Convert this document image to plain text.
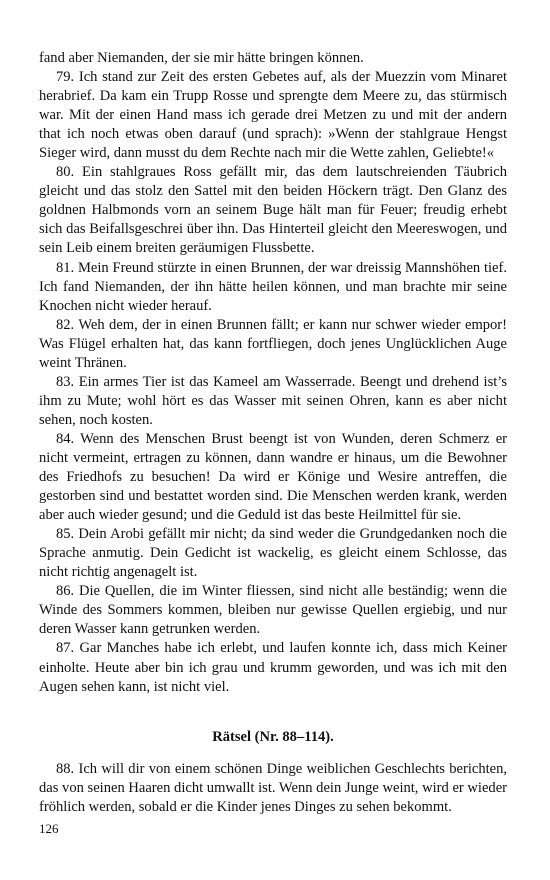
fand aber Niemanden, der sie mir hätte bringen können.

79. Ich stand zur Zeit des ersten Gebetes auf, als der Muezzin vom Minaret herabrief. Da kam ein Trupp Rosse und sprengte dem Meere zu, das stürmisch war. Mit der einen Hand mass ich gerade drei Metzen zu und mit der andern that ich noch etwas oben darauf (und sprach): »Wenn der stahlgraue Hengst Sieger wird, dann musst du dem Rechte nach mir die Wette zahlen, Geliebte!«

80. Ein stahlgraues Ross gefällt mir, das dem lautschreienden Täubrich gleicht und das stolz den Sattel mit den beiden Höckern trägt. Den Glanz des goldnen Halbmonds vorn an seinem Buge hält man für Feuer; freudig erhebt sich das Beifallsgeschrei über ihn. Das Hinterteil gleicht den Meereswogen, und sein Leib einem breiten geräumigen Flussbette.

81. Mein Freund stürzte in einen Brunnen, der war dreissig Mannshöhen tief. Ich fand Niemanden, der ihn hätte heilen können, und man brachte mir seine Knochen nicht wieder herauf.

82. Weh dem, der in einen Brunnen fällt; er kann nur schwer wieder empor! Was Flügel erhalten hat, das kann fortfliegen, doch jenes Unglücklichen Auge weint Thränen.

83. Ein armes Tier ist das Kameel am Wasserrade. Beengt und drehend ist’s ihm zu Mute; wohl hört es das Wasser mit seinen Ohren, kann es aber nicht sehen, noch kosten.

84. Wenn des Menschen Brust beengt ist von Wunden, deren Schmerz er nicht vermeint, ertragen zu können, dann wandre er hinaus, um die Bewohner des Friedhofs zu besuchen! Da wird er Könige und Wesire antreffen, die gestorben sind und bestattet worden sind. Die Menschen werden krank, werden aber auch wieder gesund; und die Geduld ist das beste Heilmittel für sie.

85. Dein Arobi gefällt mir nicht; da sind weder die Grundgedanken noch die Sprache anmutig. Dein Gedicht ist wackelig, es gleicht einem Schlosse, das nicht richtig angenagelt ist.

86. Die Quellen, die im Winter fliessen, sind nicht alle beständig; wenn die Winde des Sommers kommen, bleiben nur gewisse Quellen ergiebig, und nur deren Wasser kann getrunken werden.

87. Gar Manches habe ich erlebt, und laufen konnte ich, dass mich Keiner einholte. Heute aber bin ich grau und krumm geworden, und was ich mit den Augen sehen kann, ist nicht viel.

Rätsel (Nr. 88–114).

88. Ich will dir von einem schönen Dinge weiblichen Geschlechts berichten, das von seinen Haaren dicht umwallt ist. Wenn dein Junge weint, wird er wieder fröhlich werden, sobald er die Kinder jenes Dinges zu sehen bekommt.

126
